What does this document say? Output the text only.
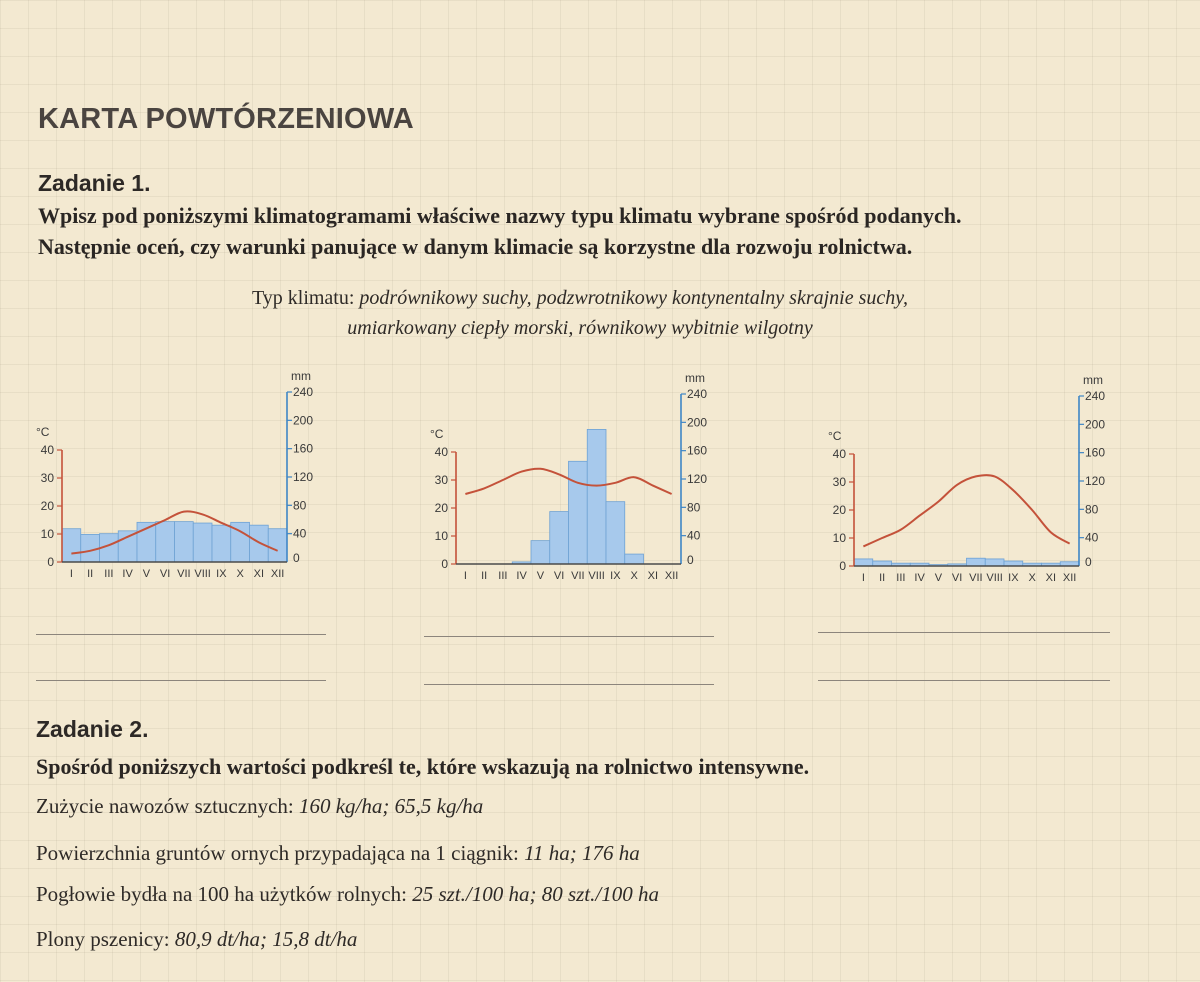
KARTA POWTÓRZENIOWA
Zadanie 1.

Wpisz pod poniższymi klimatogramami właściwe nazwy typu klimatu wybrane spośród podanych.

Następnie oceń, czy warunki panujące w danym klimacie są korzystne dla rozwoju rolnictwa.

Typ klimatu: podrównikowy suchy, podzwrotnikowy kontynentalny skrajnie suchy,
umiarkowany ciepły morski, równikowy wybitnie wilgotny
mm
0
40
80
120
160
200
240
°C
0
10
20
30
40
I II III IV V VI VII VIII IX X XI XII
mm
0
40
80
120
160
200
240
°C
0
10
20
30
40
I II III IV V VI VII VIII IX X XI XII
mm
0
40
80
120
160
200
240
°C
0
10
20
30
40
I II III IV V VI VII VIII IX X XI XII
Zadanie 2.

Spośród poniższych wartości podkreśl te, które wskazują na rolnictwo intensywne.

Zużycie nawozów sztucznych: 160 kg/ha; 65,5 kg/ha

Powierzchnia gruntów ornych przypadająca na 1 ciągnik: 11 ha; 176 ha

Pogłowie bydła na 100 ha użytków rolnych: 25 szt./100 ha; 80 szt./100 ha

Plony pszenicy: 80,9 dt/ha; 15,8 dt/ha
